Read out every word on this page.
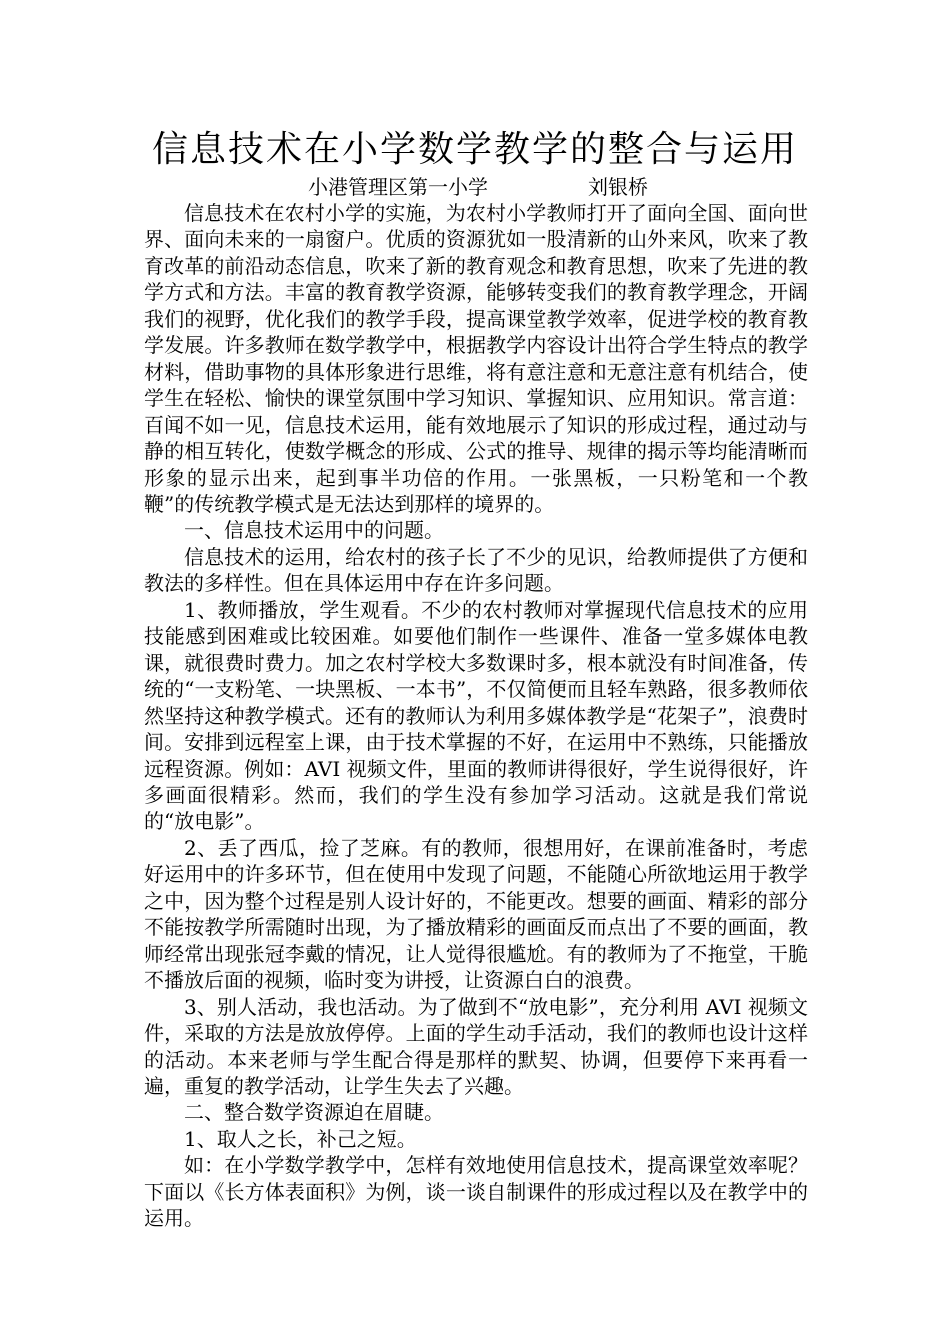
信息技术在小学数学教学的整合与运用
小港管理区第一小学	刘银桥

信息技术在农村小学的实施，为农村小学教师打开了面向全国、面向世界、面向未来的一扇窗户。优质的资源犹如一股清新的山外来风，吹来了教育改革的前沿动态信息，吹来了新的教育观念和教育思想，吹来了先进的教学方式和方法。丰富的教育教学资源，能够转变我们的教育教学理念，开阔我们的视野，优化我们的教学手段，提高课堂教学效率，促进学校的教育教学发展。许多教师在数学教学中，根据教学内容设计出符合学生特点的教学材料，借助事物的具体形象进行思维，将有意注意和无意注意有机结合，使学生在轻松、愉快的课堂氛围中学习知识、掌握知识、应用知识。常言道：百闻不如一见，信息技术运用，能有效地展示了知识的形成过程，通过动与静的相互转化，使数学概念的形成、公式的推导、规律的揭示等均能清晰而形象的显示出来，起到事半功倍的作用。一张黑板，一只粉笔和一个教鞭”的传统教学模式是无法达到那样的境界的。

一、信息技术运用中的问题。

信息技术的运用，给农村的孩子长了不少的见识，给教师提供了方便和教法的多样性。但在具体运用中存在许多问题。

1、教师播放，学生观看。不少的农村教师对掌握现代信息技术的应用技能感到困难或比较困难。如要他们制作一些课件、准备一堂多媒体电教课，就很费时费力。加之农村学校大多数课时多，根本就没有时间准备，传统的“一支粉笔、一块黑板、一本书”，不仅简便而且轻车熟路，很多教师依然坚持这种教学模式。还有的教师认为利用多媒体教学是“花架子”，浪费时间。安排到远程室上课，由于技术掌握的不好，在运用中不熟练，只能播放远程资源。例如：AVI 视频文件，里面的教师讲得很好，学生说得很好，许多画面很精彩。然而，我们的学生没有参加学习活动。这就是我们常说的“放电影”。

2、丢了西瓜，捡了芝麻。有的教师，很想用好，在课前准备时，考虑好运用中的许多环节，但在使用中发现了问题，不能随心所欲地运用于教学之中，因为整个过程是别人设计好的，不能更改。想要的画面、精彩的部分不能按教学所需随时出现，为了播放精彩的画面反而点出了不要的画面，教师经常出现张冠李戴的情况，让人觉得很尴尬。有的教师为了不拖堂，干脆不播放后面的视频，临时变为讲授，让资源白白的浪费。

3、别人活动，我也活动。为了做到不“放电影”，充分利用 AVI 视频文件，采取的方法是放放停停。上面的学生动手活动，我们的教师也设计这样的活动。本来老师与学生配合得是那样的默契、协调，但要停下来再看一遍，重复的教学活动，让学生失去了兴趣。

二、整合数学资源迫在眉睫。

1、取人之长，补己之短。

如：在小学数学教学中，怎样有效地使用信息技术，提高课堂效率呢？下面以《长方体表面积》为例，谈一谈自制课件的形成过程以及在教学中的运用。
